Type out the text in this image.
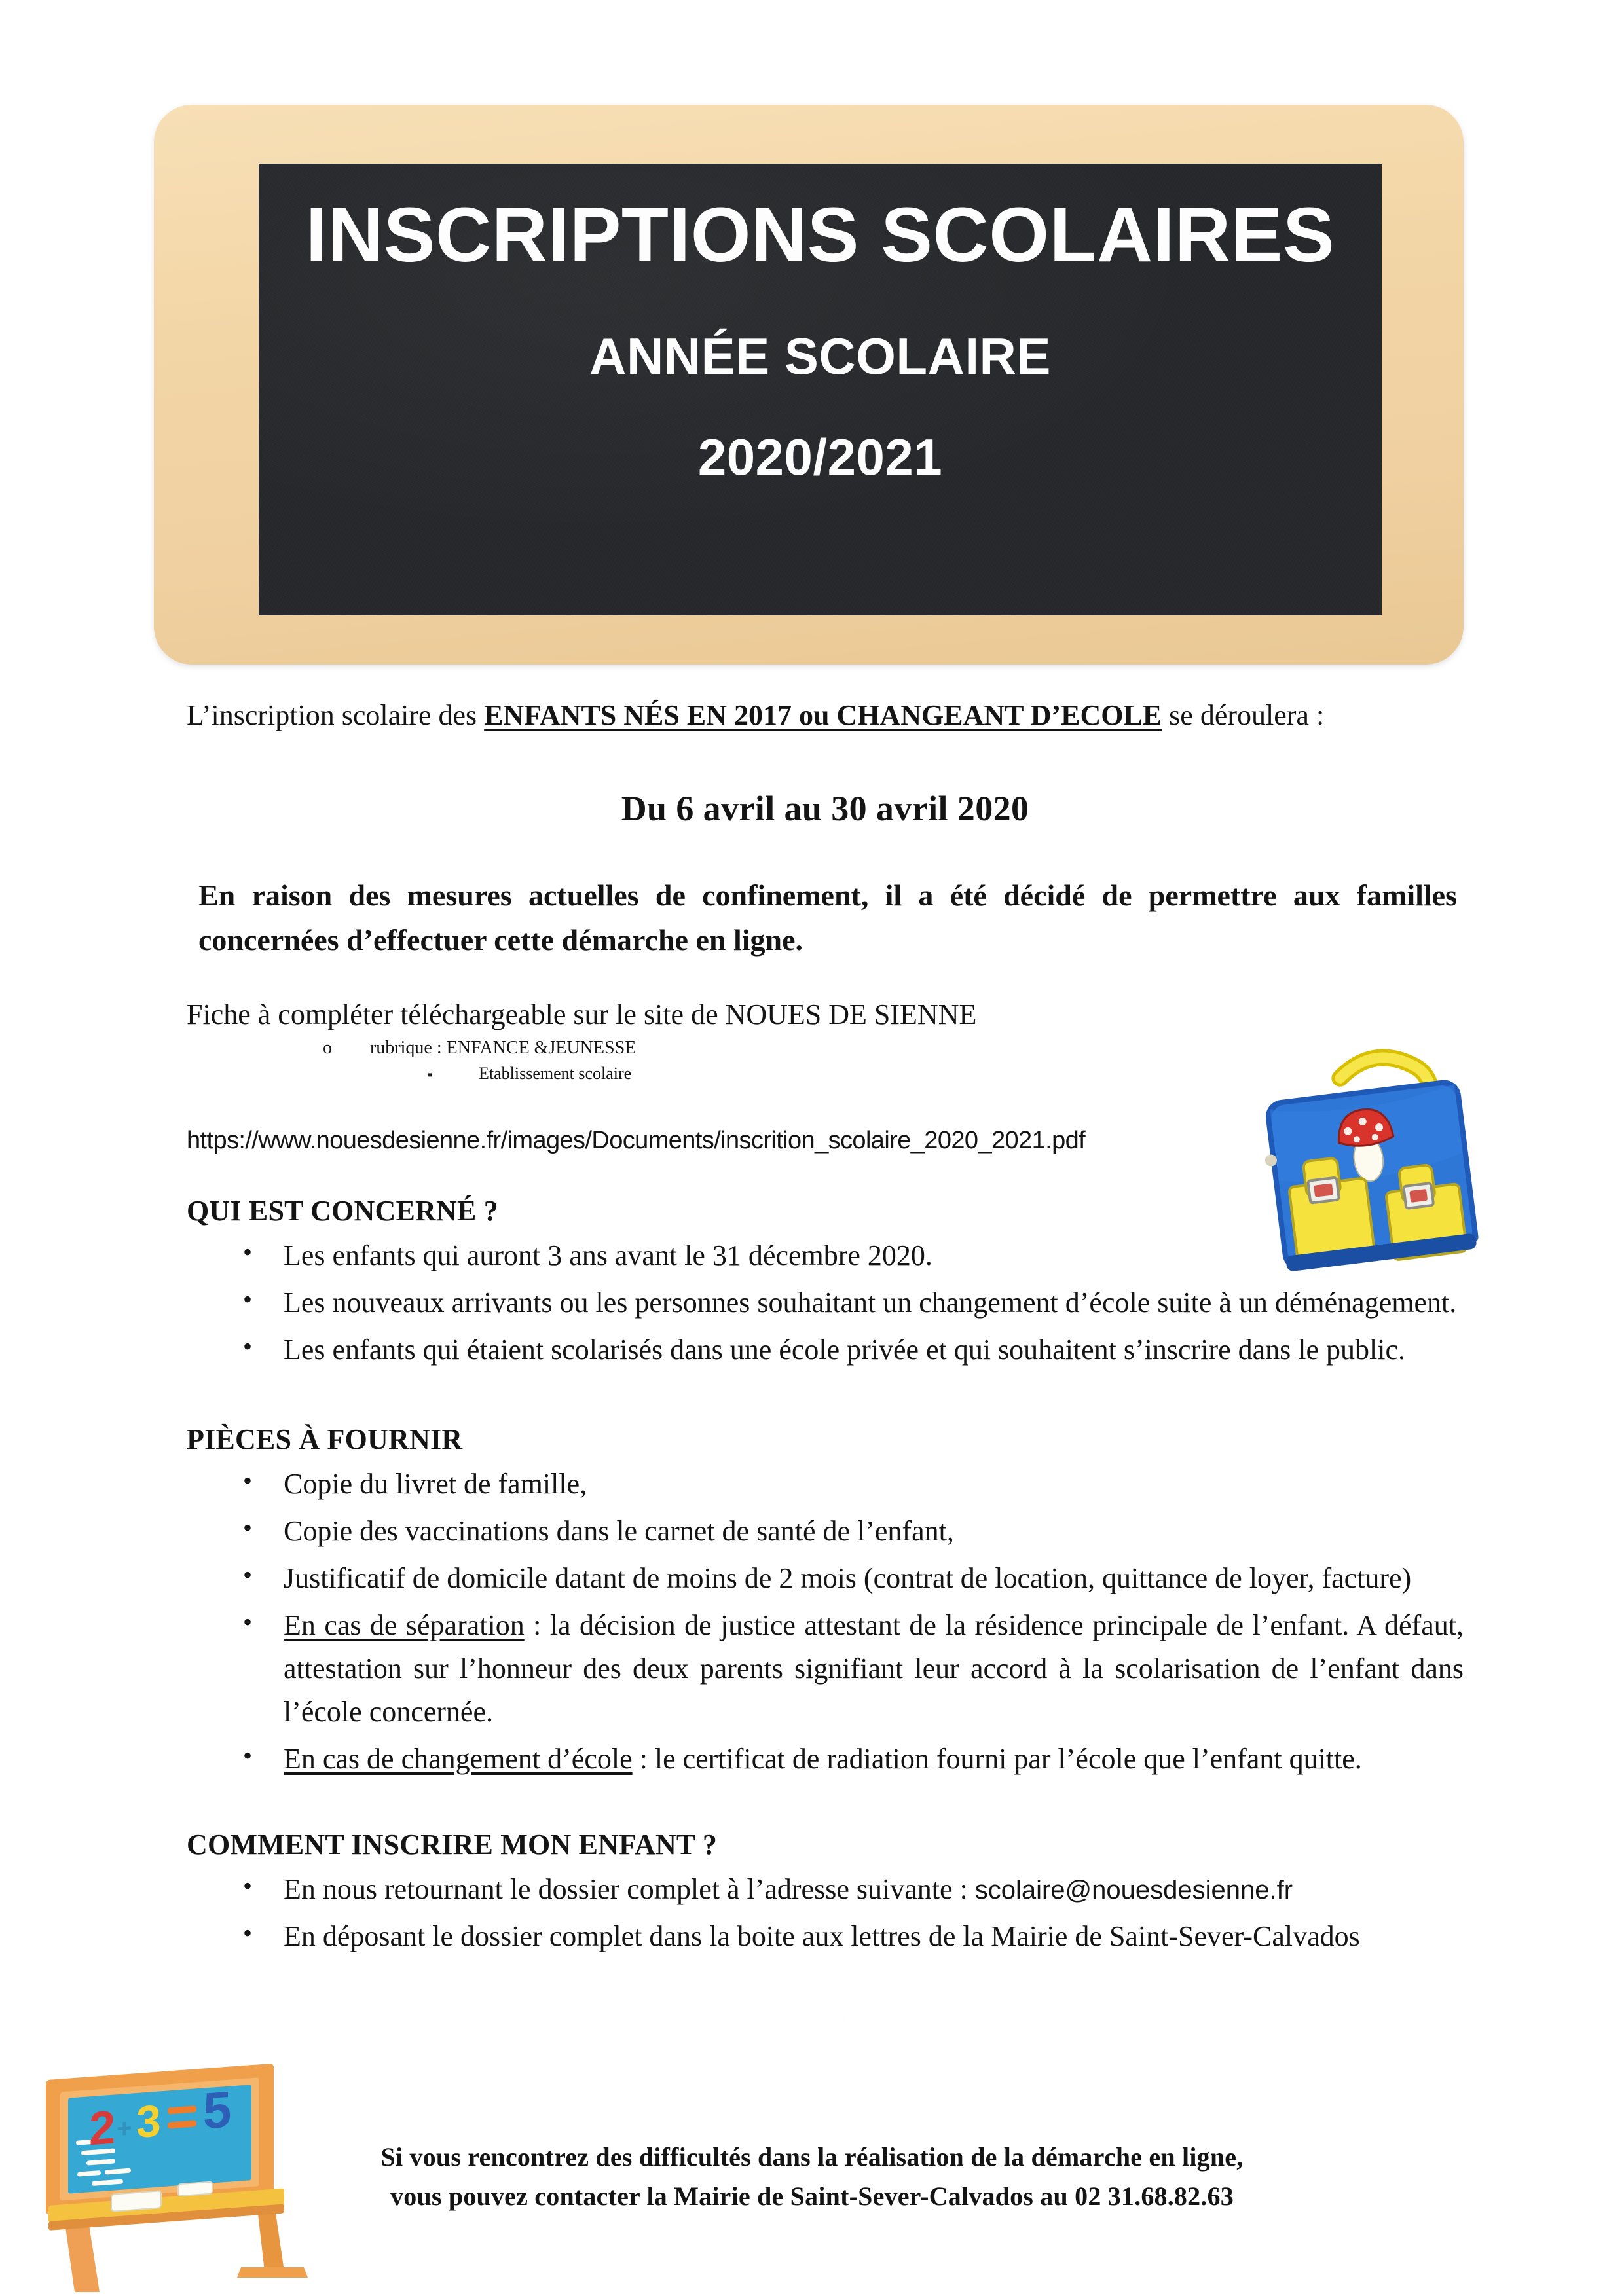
INSCRIPTIONS SCOLAIRES
ANNÉE SCOLAIRE
2020/2021

L’inscription scolaire des ENFANTS NÉS EN 2017 ou CHANGEANT D’ECOLE se déroulera :

Du 6 avril au 30 avril 2020

En raison des mesures actuelles de confinement, il a été décidé de permettre aux familles concernées d’effectuer cette démarche en ligne.

Fiche à compléter téléchargeable sur le site de NOUES DE SIENNE

o	rubrique : ENFANCE &JEUNESSE
▪	Etablissement scolaire
https://www.nouesdesienne.fr/images/Documents/inscrition_scolaire_2020_2021.pdf
QUI EST CONCERNÉ ?
• Les enfants qui auront 3 ans avant le 31 décembre 2020.
• Les nouveaux arrivants ou les personnes souhaitant un changement d’école suite à un déménagement.
• Les enfants qui étaient scolarisés dans une école privée et qui souhaitent s’inscrire dans le public.
PIÈCES À FOURNIR
• Copie du livret de famille,
• Copie des vaccinations dans le carnet de santé de l’enfant,
• Justificatif de domicile datant de moins de 2 mois (contrat de location, quittance de loyer, facture)
• En cas de séparation : la décision de justice attestant de la résidence principale de l’enfant. A défaut, attestation sur l’honneur des deux parents signifiant leur accord à la scolarisation de l’enfant dans l’école concernée.
• En cas de changement d’école : le certificat de radiation fourni par l’école que l’enfant quitte.
COMMENT INSCRIRE MON ENFANT ?
• En nous retournant le dossier complet à l’adresse suivante : scolaire@nouesdesienne.fr
• En déposant le dossier complet dans la boite aux lettres de la Mairie de Saint-Sever-Calvados
2 + 3 5
Si vous rencontrez des difficultés dans la réalisation de la démarche en ligne,
vous pouvez contacter la Mairie de Saint-Sever-Calvados au 02 31.68.82.63
